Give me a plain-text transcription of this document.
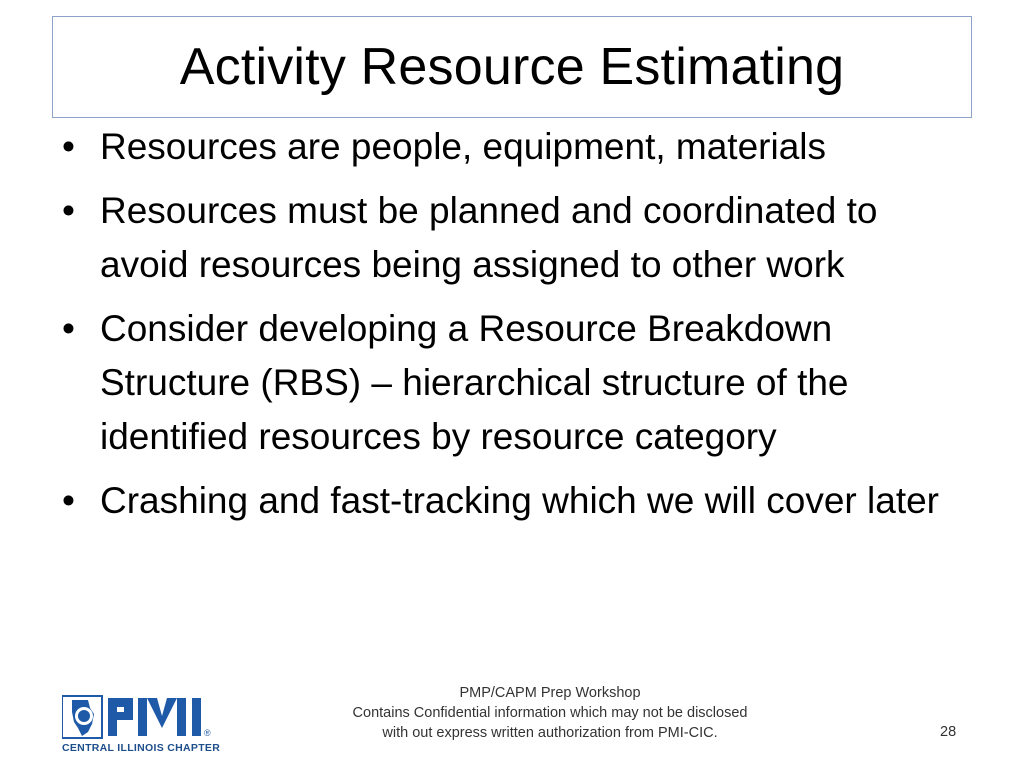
Activity Resource Estimating
• Resources are people, equipment, materials
• Resources must be planned and coordinated to avoid resources being assigned to other work
• Consider developing a Resource Breakdown Structure (RBS) – hierarchical structure of the identified resources by resource category
• Crashing and fast-tracking which we will cover later
®
CENTRAL ILLINOIS CHAPTER
PMP/CAPM Prep Workshop
Contains Confidential information which may not be disclosed
with out express written authorization from PMI-CIC.	28
